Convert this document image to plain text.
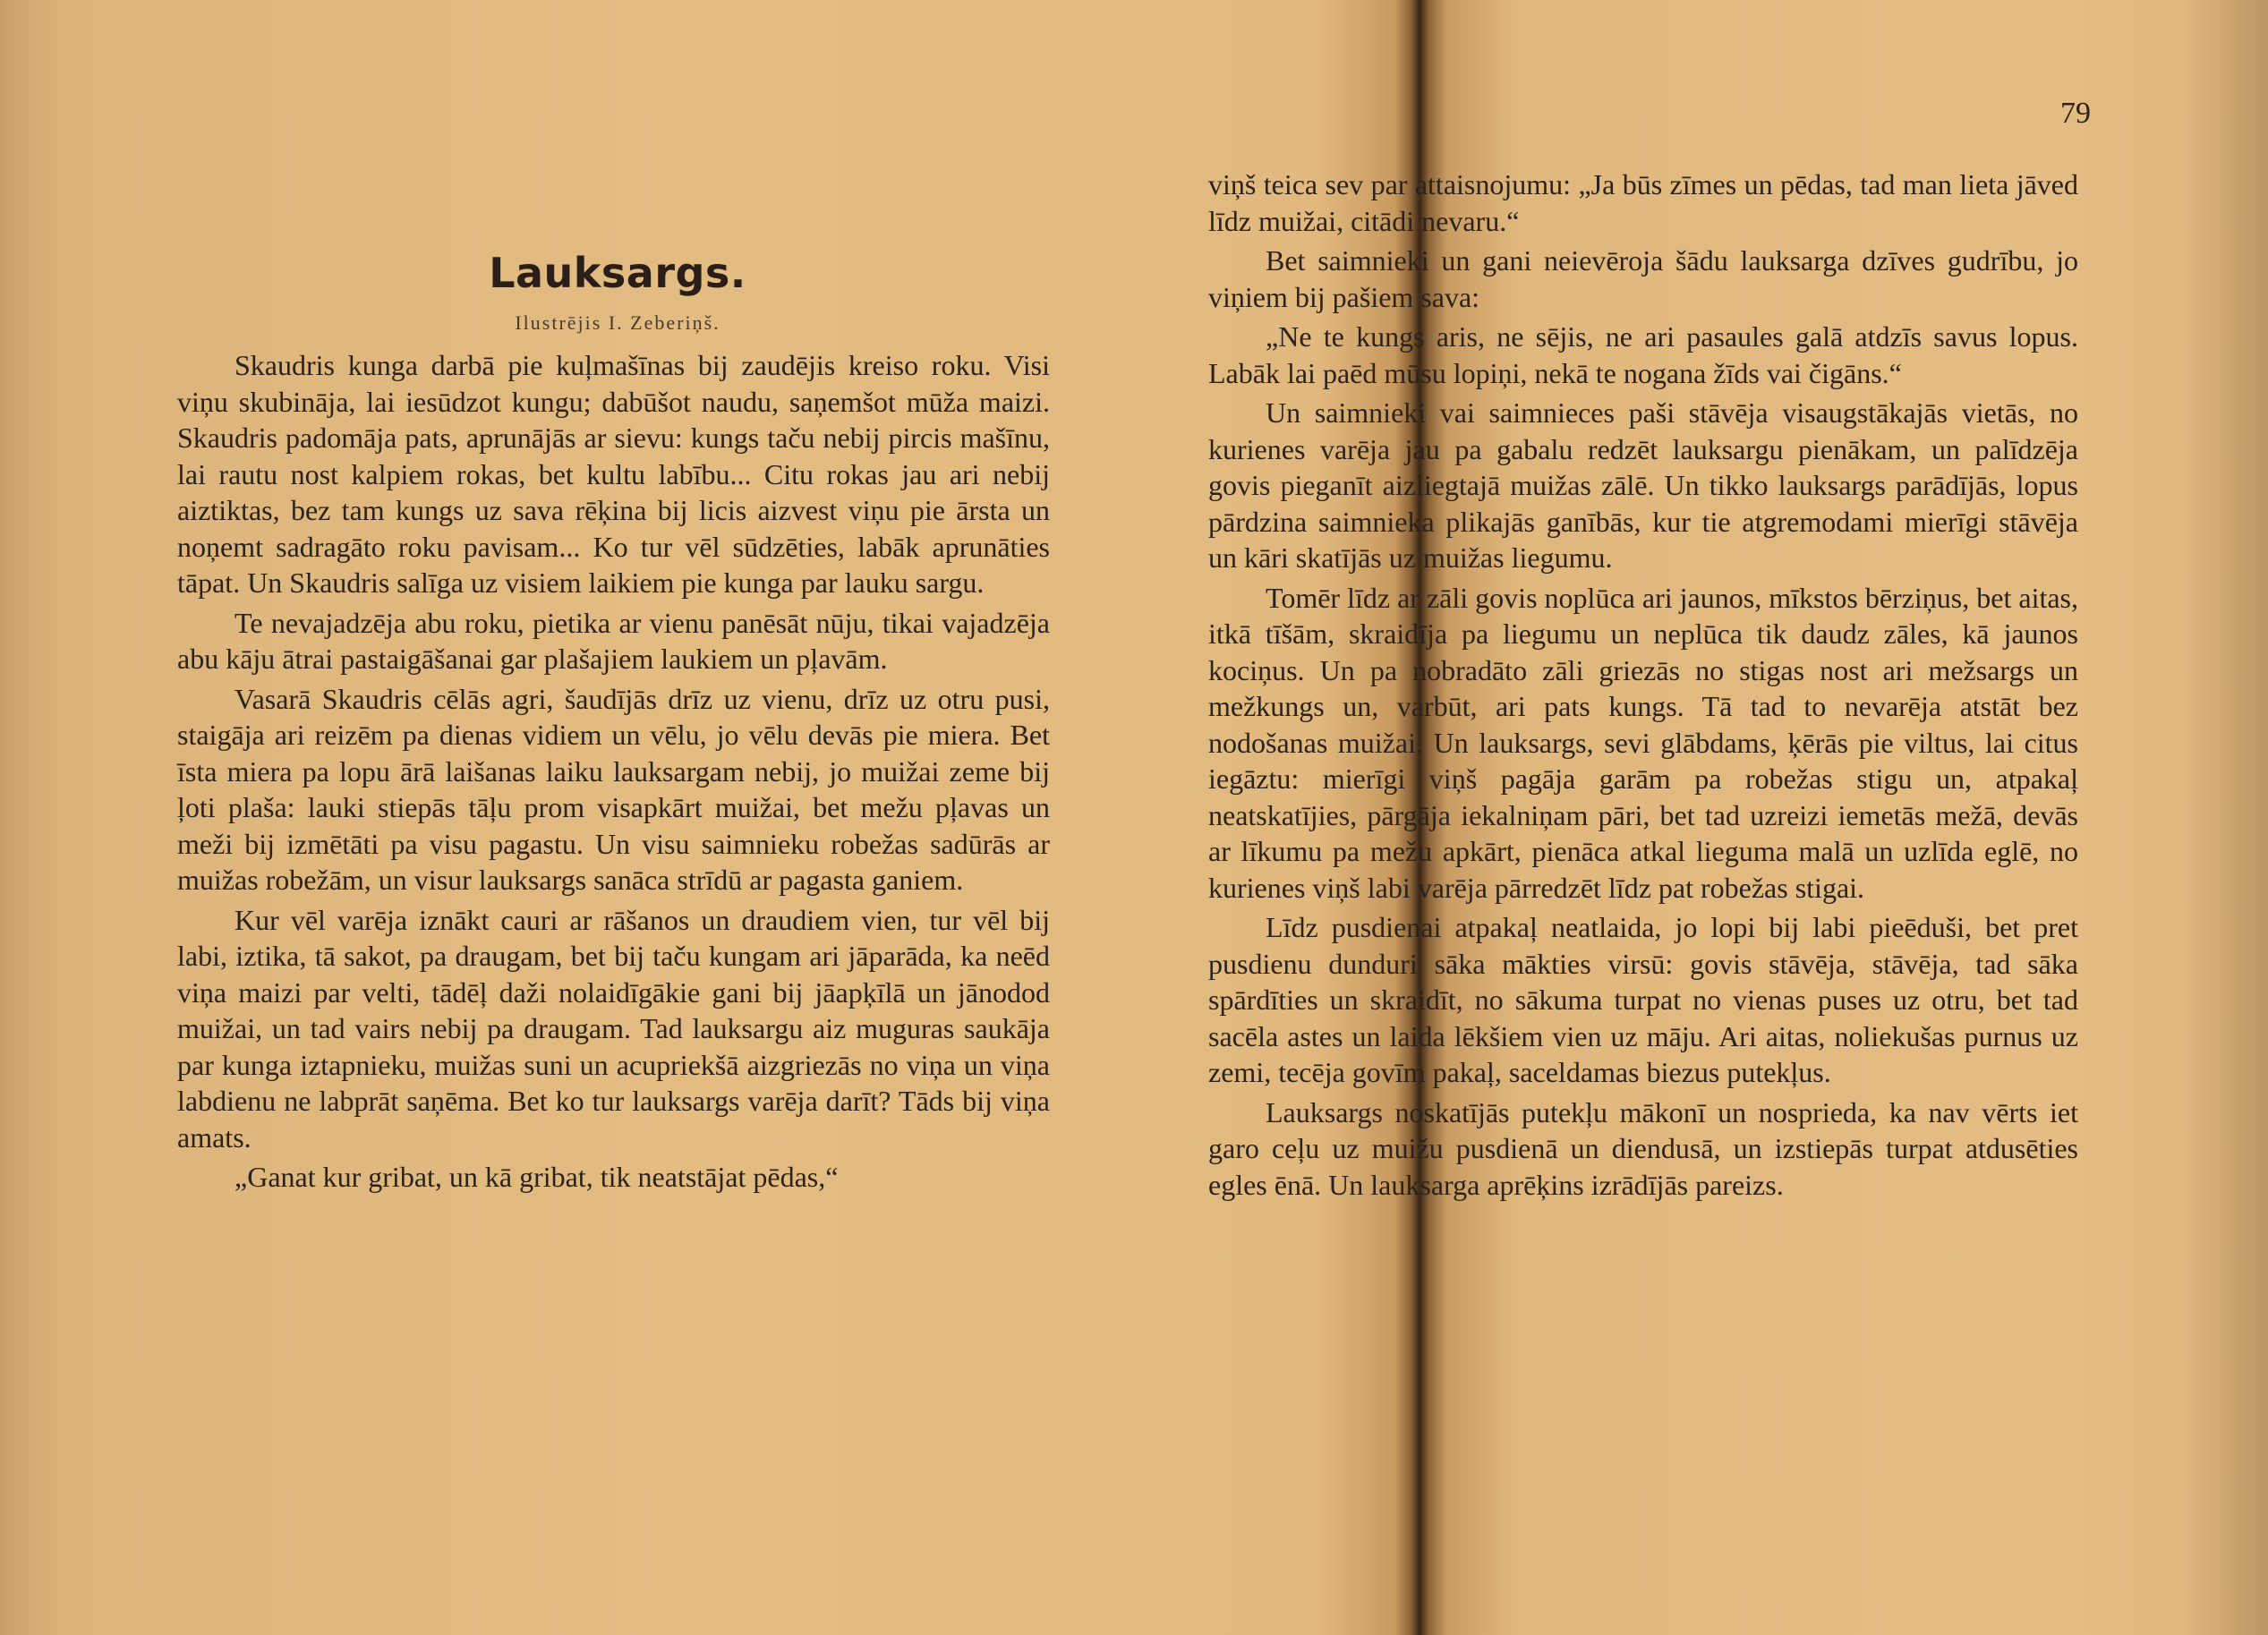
Lauksargs.
Ilustrējis I. Zeberiņš.

Skaudris kunga darbā pie kuļmašīnas bij zaudējis kreiso roku. Visi viņu skubināja, lai iesūdzot kungu; dabūšot naudu, saņemšot mūža maizi. Skaudris padomāja pats, aprunājās ar sievu: kungs taču nebij pircis mašīnu, lai rautu nost kalpiem rokas, bet kultu labību... Citu rokas jau ari nebij aiztiktas, bez tam kungs uz sava rēķina bij licis aizvest viņu pie ārsta un noņemt sadragāto roku pavisam... Ko tur vēl sūdzēties, labāk aprunāties tāpat. Un Skaudris salīga uz visiem laikiem pie kunga par lauku sargu.

Te nevajadzēja abu roku, pietika ar vienu panēsāt nūju, tikai vajadzēja abu kāju ātrai pastaigāšanai gar plašajiem laukiem un pļavām.

Vasarā Skaudris cēlās agri, šaudījās drīz uz vienu, drīz uz otru pusi, staigāja ari reizēm pa dienas vidiem un vēlu, jo vēlu devās pie miera. Bet īsta miera pa lopu ārā laišanas laiku lauksargam nebij, jo muižai zeme bij ļoti plaša: lauki stiepās tāļu prom visapkārt muižai, bet mežu pļavas un meži bij izmētāti pa visu pagastu. Un visu saimnieku robežas sadūrās ar muižas robežām, un visur lauksargs sanāca strīdū ar pagasta ganiem.

Kur vēl varēja iznākt cauri ar rāšanos un draudiem vien, tur vēl bij labi, iztika, tā sakot, pa draugam, bet bij taču kungam ari jāparāda, ka neēd viņa maizi par velti, tādēļ daži nolaidīgākie gani bij jāapķīlā un jānodod muižai, un tad vairs nebij pa draugam. Tad lauksargu aiz muguras saukāja par kunga iztapnieku, muižas suni un acupriekšā aizgriezās no viņa un viņa labdienu ne labprāt saņēma. Bet ko tur lauksargs varēja darīt? Tāds bij viņa amats.

„Ganat kur gribat, un kā gribat, tik neatstājat pēdas,“

79

viņš teica sev par attaisnojumu: „Ja būs zīmes un pēdas, tad man lieta jāved līdz muižai, citādi nevaru.“

Bet saimnieki un gani neievēroja šādu lauksarga dzīves gudrību, jo viņiem bij pašiem sava:

„Ne te kungs aris, ne sējis, ne ari pasaules galā atdzīs savus lopus. Labāk lai paēd mūsu lopiņi, nekā te nogana žīds vai čigāns.“

Un saimnieki vai saimnieces paši stāvēja visaugstākajās vietās, no kurienes varēja jau pa gabalu redzēt lauksargu pienākam, un palīdzēja govis pieganīt aizliegtajā muižas zālē. Un tikko lauksargs parādījās, lopus pārdzina saimnieka plikajās ganībās, kur tie atgremodami mierīgi stāvēja un kāri skatījās uz muižas liegumu.

Tomēr līdz ar zāli govis noplūca ari jaunos, mīkstos bērziņus, bet aitas, itkā tīšām, skraidīja pa liegumu un neplūca tik daudz zāles, kā jaunos kociņus. Un pa nobradāto zāli griezās no stigas nost ari mežsargs un mežkungs un, varbūt, ari pats kungs. Tā tad to nevarēja atstāt bez nodošanas muižai. Un lauksargs, sevi glābdams, ķērās pie viltus, lai citus iegāztu: mierīgi viņš pagāja garām pa robežas stigu un, atpakaļ neatskatījies, pārgāja iekalniņam pāri, bet tad uzreizi iemetās mežā, devās ar līkumu pa mežu apkārt, pienāca atkal lieguma malā un uzlīda eglē, no kurienes viņš labi varēja pārredzēt līdz pat robežas stigai.

Līdz pusdienai atpakaļ neatlaida, jo lopi bij labi pieēduši, bet pret pusdienu dunduri sāka mākties virsū: govis stāvēja, stāvēja, tad sāka spārdīties un skraidīt, no sākuma turpat no vienas puses uz otru, bet tad sacēla astes un laida lēkšiem vien uz māju. Ari aitas, noliekušas purnus uz zemi, tecēja govīm pakaļ, saceldamas biezus putekļus.

Lauksargs noskatījās putekļu mākonī un nosprieda, ka nav vērts iet garo ceļu uz muižu pusdienā un diendusā, un izstiepās turpat atdusēties egles ēnā. Un lauksarga aprēķins izrādījās pareizs.
